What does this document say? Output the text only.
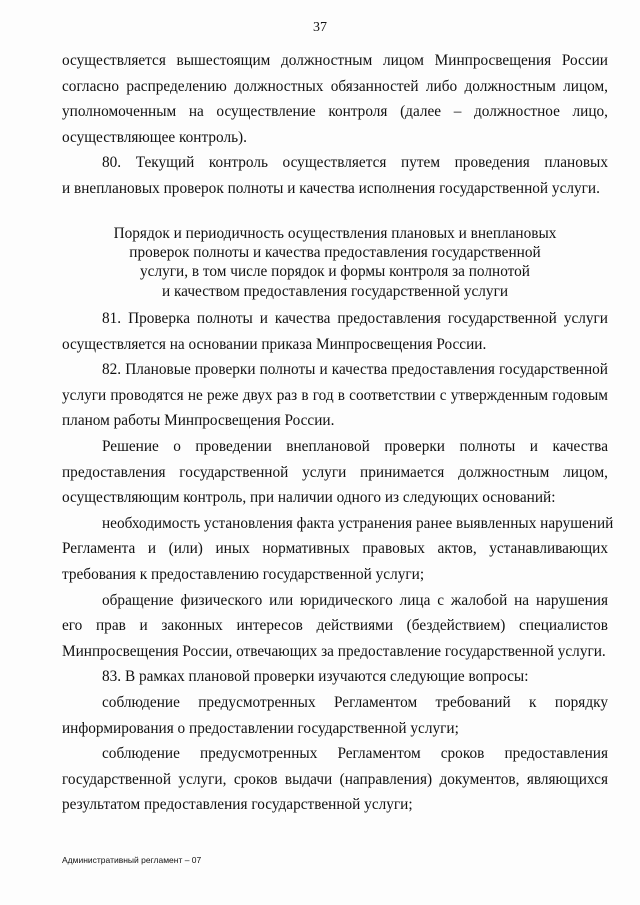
37
осуществляется вышестоящим должностным лицом Минпросвещения России
согласно распределению должностных обязанностей либо должностным лицом,
уполномоченным на осуществление контроля (далее – должностное лицо,
осуществляющее контроль).
80. Текущий контроль осуществляется путем проведения плановых
и внеплановых проверок полноты и качества исполнения государственной услуги.
Порядок и периодичность осуществления плановых и внеплановых
проверок полноты и качества предоставления государственной
услуги, в том числе порядок и формы контроля за полнотой
и качеством предоставления государственной услуги
81. Проверка полноты и качества предоставления государственной услуги
осуществляется на основании приказа Минпросвещения России.
82. Плановые проверки полноты и качества предоставления государственной
услуги проводятся не реже двух раз в год в соответствии с утвержденным годовым
планом работы Минпросвещения России.
Решение о проведении внеплановой проверки полноты и качества
предоставления государственной услуги принимается должностным лицом,
осуществляющим контроль, при наличии одного из следующих оснований:
необходимость установления факта устранения ранее выявленных нарушений
Регламента и (или) иных нормативных правовых актов, устанавливающих
требования к предоставлению государственной услуги;
обращение физического или юридического лица с жалобой на нарушения
его прав и законных интересов действиями (бездействием) специалистов
Минпросвещения России, отвечающих за предоставление государственной услуги.
83. В рамках плановой проверки изучаются следующие вопросы:
соблюдение предусмотренных Регламентом требований к порядку
информирования о предоставлении государственной услуги;
соблюдение предусмотренных Регламентом сроков предоставления
государственной услуги, сроков выдачи (направления) документов, являющихся
результатом предоставления государственной услуги;
Административный регламент – 07
